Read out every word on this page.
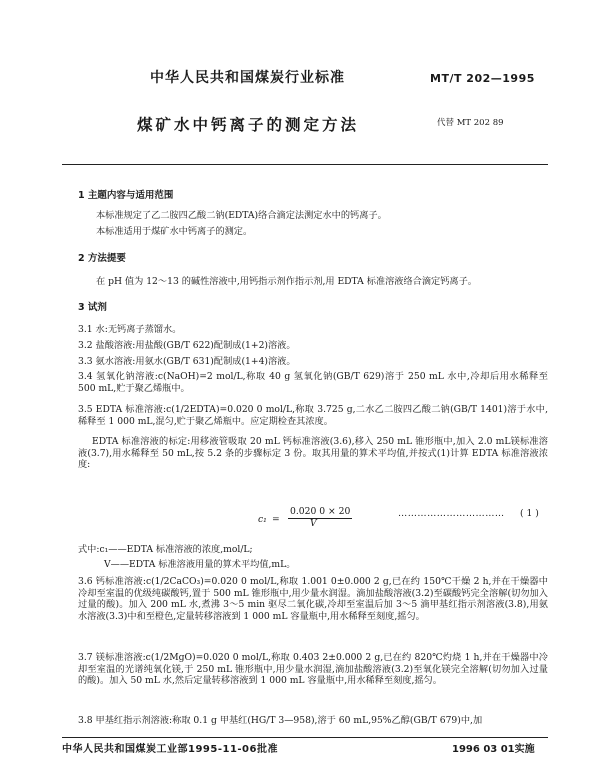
中华人民共和国煤炭行业标准	MT/T 202—1995
煤矿水中钙离子的测定方法	代替 MT 202 89
1 主题内容与适用范围
本标准规定了乙二胺四乙酸二钠(EDTA)络合滴定法测定水中的钙离子。
本标准适用于煤矿水中钙离子的测定。
2 方法提要
在 pH 值为 12～13 的碱性溶液中,用钙指示剂作指示剂,用 EDTA 标准溶液络合滴定钙离子。
3 试剂
3.1 水:无钙离子蒸馏水。
3.2 盐酸溶液:用盐酸(GB/T 622)配制成(1+2)溶液。
3.3 氨水溶液:用氨水(GB/T 631)配制成(1+4)溶液。
3.4 氢氧化钠溶液:c(NaOH)=2 mol/L,称取 40 g 氢氧化钠(GB/T 629)溶于 250 mL 水中,冷却后用水稀释至 500 mL,贮于聚乙烯瓶中。
3.5 EDTA 标准溶液:c(1/2EDTA)=0.020 0 mol/L,称取 3.725 g,二水乙二胺四乙酸二钠(GB/T 1401)溶于水中,稀释至 1 000 mL,混匀,贮于聚乙烯瓶中。应定期检查其浓度。
EDTA 标准溶液的标定:用移液管吸取 20 mL 钙标准溶液(3.6),移入 250 mL 锥形瓶中,加入 2.0 mL镁标准溶液(3.7),用水稀释至 50 mL,按 5.2 条的步骤标定 3 份。取其用量的算术平均值,并按式(1)计算 EDTA 标准溶液浓度:
c₁ =
0.020 0 × 20
V
…………………………… ( 1 )
式中:c₁——EDTA 标准溶液的浓度,mol/L;
V——EDTA 标准溶液用量的算术平均值,mL。
3.6 钙标准溶液:c(1/2CaCO₃)=0.020 0 mol/L,称取 1.001 0±0.000 2 g,已在约 150℃干燥 2 h,并在干燥器中冷却至室温的优级纯碳酸钙,置于 500 mL 锥形瓶中,用少量水润湿。滴加盐酸溶液(3.2)至碳酸钙完全溶解(切勿加入过量的酸)。加入 200 mL 水,煮沸 3～5 min 驱尽二氧化碳,冷却至室温后加 3～5 滴甲基红指示剂溶液(3.8),用氨水溶液(3.3)中和至橙色,定量转移溶液到 1 000 mL 容量瓶中,用水稀释至刻度,摇匀。
3.7 镁标准溶液:c(1/2MgO)=0.020 0 mol/L,称取 0.403 2±0.000 2 g,已在约 820℃灼烧 1 h,并在干燥器中冷却至室温的光谱纯氧化镁,于 250 mL 锥形瓶中,用少量水润湿,滴加盐酸溶液(3.2)至氧化镁完全溶解(切勿加入过量的酸)。加入 50 mL 水,然后定量转移溶液到 1 000 mL 容量瓶中,用水稀释至刻度,摇匀。
3.8 甲基红指示剂溶液:称取 0.1 g 甲基红(HG/T 3—958),溶于 60 mL,95%乙醇(GB/T 679)中,加
中华人民共和国煤炭工业部1995-11-06批准	1996 03 01实施
